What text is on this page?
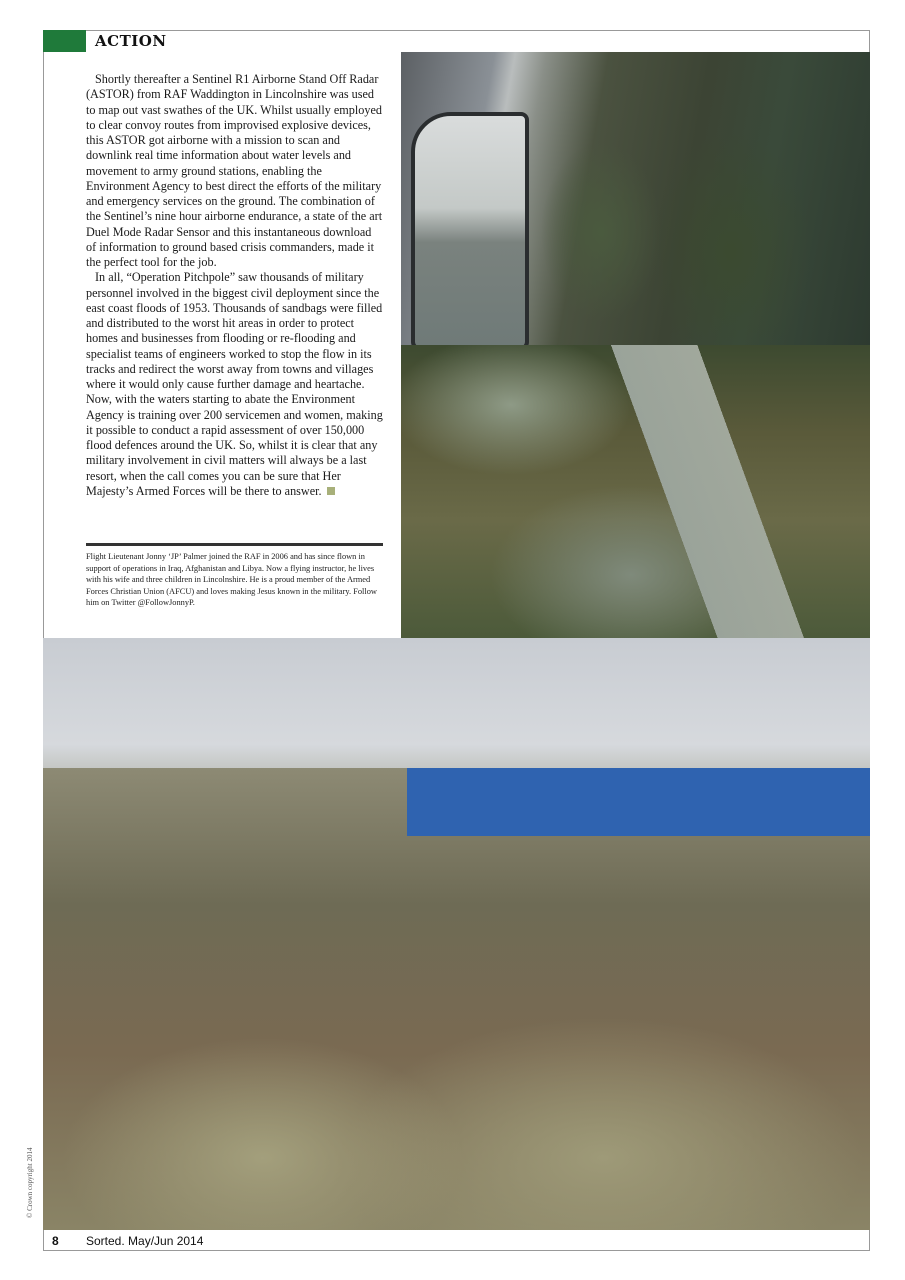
ACTION

Shortly thereafter a Sentinel R1 Airborne Stand Off Radar (ASTOR) from RAF Waddington in Lincolnshire was used to map out vast swathes of the UK. Whilst usually employed to clear convoy routes from improvised explosive devices, this ASTOR got airborne with a mission to scan and downlink real time information about water levels and movement to army ground stations, enabling the Environment Agency to best direct the efforts of the military and emergency services on the ground. The combination of the Sentinel’s nine hour airborne endurance, a state of the art Duel Mode Radar Sensor and this instantaneous download of information to ground based crisis commanders, made it the perfect tool for the job.

In all, “Operation Pitchpole” saw thousands of military personnel involved in the biggest civil deployment since the east coast floods of 1953. Thousands of sandbags were filled and distributed to the worst hit areas in order to protect homes and businesses from flooding or re-flooding and specialist teams of engineers worked to stop the flow in its tracks and redirect the worst away from towns and villages where it would only cause further damage and heartache. Now, with the waters starting to abate the Environment Agency is training over 200 servicemen and women, making it possible to conduct a rapid assessment of over 150,000 flood defences around the UK. So, whilst it is clear that any military involvement in civil matters will always be a last resort, when the call comes you can be sure that Her Majesty’s Armed Forces will be there to answer.

Flight Lieutenant Jonny ‘JP’ Palmer joined the RAF in 2006 and has since flown in support of operations in Iraq, Afghanistan and Libya. Now a flying instructor, he lives with his wife and three children in Lincolnshire. He is a proud member of the Armed Forces Christian Union (AFCU) and loves making Jesus known in the military. Follow him on Twitter @FollowJonnyP.
© Crown copyright 2014
8 Sorted. May/Jun 2014
